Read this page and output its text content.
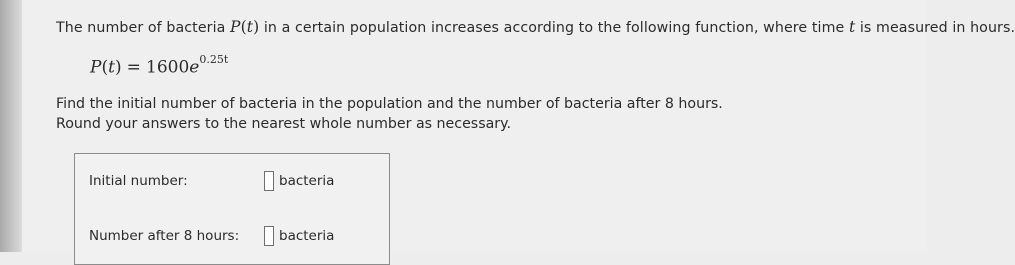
The number of bacteria P(t) in a certain population increases according to the following function, where time t is measured in hours.
$P(t) = 1600e^{0.25t}$
Find the initial number of bacteria in the population and the number of bacteria after 8 hours.
Round your answers to the nearest whole number as necessary.
Initial number:	bacteria
Number after 8 hours:	bacteria
